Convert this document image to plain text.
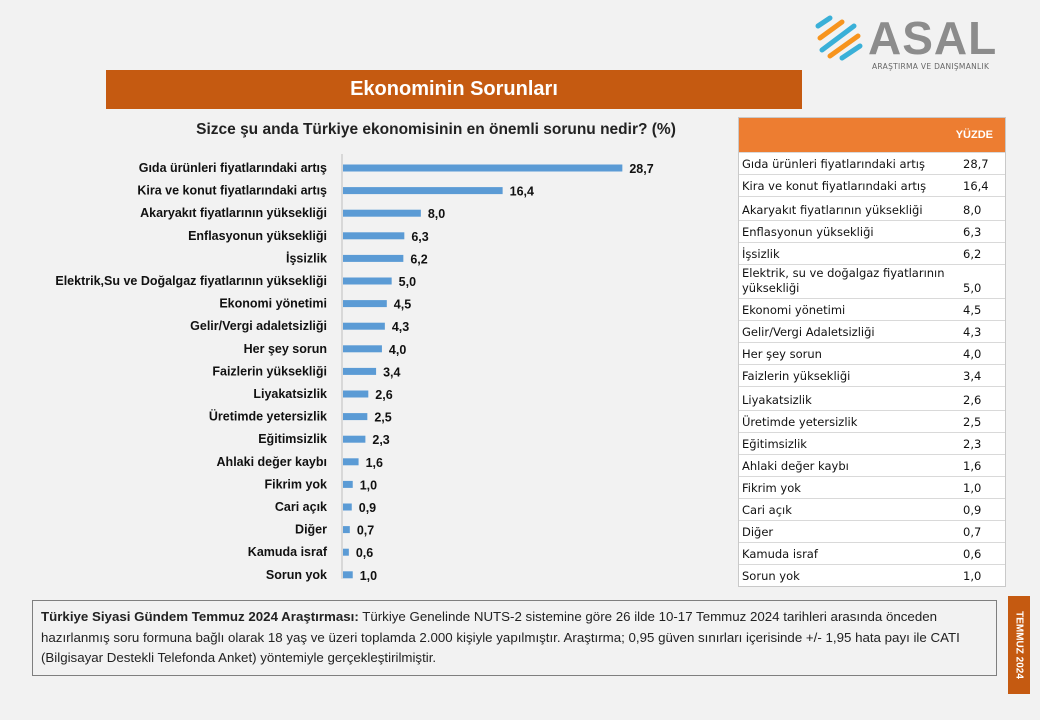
ASAL
ARAŞTIRMA VE DANIŞMANLIK
Ekonominin Sorunları
Sizce şu anda Türkiye ekonomisinin en önemli sorunu nedir? (%)
Gıda ürünleri fiyatlarındaki artış	28,7
Kira ve konut fiyatlarındaki artış	16,4
Akaryakıt fiyatlarının yüksekliği	8,0
Enflasyonun yüksekliği	6,3
İşsizlik	6,2
Elektrik,Su ve Doğalgaz fiyatlarının yüksekliği	5,0
Ekonomi yönetimi	4,5
Gelir/Vergi adaletsizliği	4,3
Her şey sorun	4,0
Faizlerin yüksekliği	3,4
Liyakatsizlik	2,6
Üretimde yetersizlik	2,5
Eğitimsizlik	2,3
Ahlaki değer kaybı	1,6
Fikrim yok	1,0
Cari açık	0,9
Diğer 0,7
Kamuda israf 0,6
Sorun yok	1,0
YÜZDE
Gıda ürünleri fiyatlarındaki artış	28,7
Kira ve konut fiyatlarındaki artış	16,4
Akaryakıt fiyatlarının yüksekliği	8,0
Enflasyonun yüksekliği	6,3
İşsizlik	6,2
Elektrik, su ve doğalgaz fiyatlarının yüksekliği	5,0
Ekonomi yönetimi	4,5
Gelir/Vergi Adaletsizliği	4,3
Her şey sorun	4,0
Faizlerin yüksekliği	3,4
Liyakatsizlik	2,6
Üretimde yetersizlik	2,5
Eğitimsizlik	2,3
Ahlaki değer kaybı	1,6
Fikrim yok	1,0
Cari açık	0,9
Diğer	0,7
Kamuda israf	0,6
Sorun yok	1,0
Türkiye Siyasi Gündem Temmuz 2024 Araştırması: Türkiye Genelinde NUTS-2 sistemine göre 26 ilde 10-17 Temmuz 2024 tarihleri arasında önceden hazırlanmış soru formuna bağlı olarak 18 yaş ve üzeri toplamda 2.000 kişiyle yapılmıştır. Araştırma; 0,95 güven sınırları içerisinde +/- 1,95 hata payı ile CATI (Bilgisayar Destekli Telefonda Anket) yöntemiyle gerçekleştirilmiştir.	TEMMUZ 2024
